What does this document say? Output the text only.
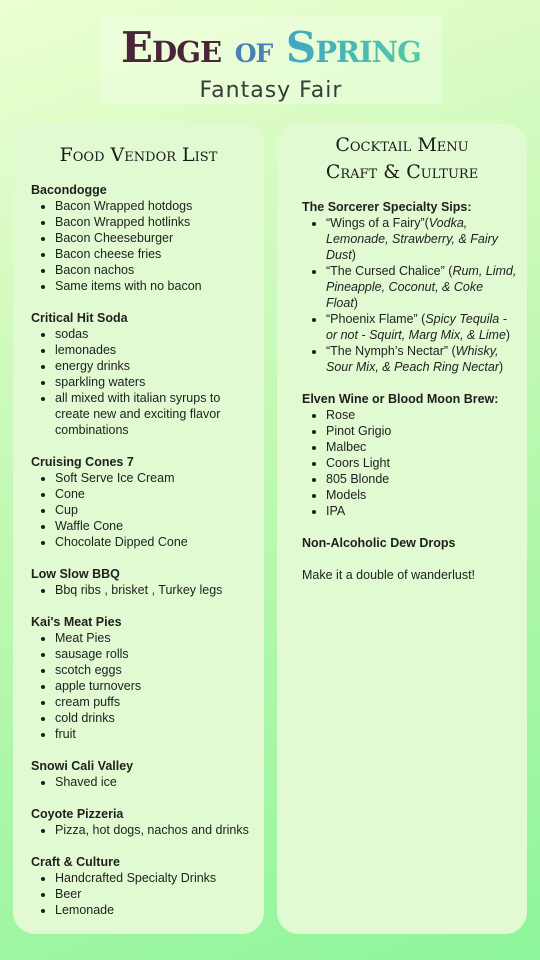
Edge of Spring
Fantasy Fair
Food Vendor List
Bacondogge
• Bacon Wrapped hotdogs
• Bacon Wrapped hotlinks
• Bacon Cheeseburger
• Bacon cheese fries
• Bacon nachos
• Same items with no bacon
Critical Hit Soda
• sodas
• lemonades
• energy drinks
• sparkling waters
• all mixed with italian syrups to create new and exciting flavor combinations
Cruising Cones 7
• Soft Serve Ice Cream
• Cone
• Cup
• Waffle Cone
• Chocolate Dipped Cone
Low Slow BBQ
• Bbq ribs , brisket , Turkey legs
Kai's Meat Pies
• Meat Pies
• sausage rolls
• scotch eggs
• apple turnovers
• cream puffs
• cold drinks
• fruit
Snowi Cali Valley
• Shaved ice
Coyote Pizzeria
• Pizza, hot dogs, nachos and drinks
Craft & Culture
• Handcrafted Specialty Drinks
• Beer
• Lemonade
Cocktail Menu
Craft & Culture
The Sorcerer Specialty Sips:
• “Wings of a Fairy”(Vodka, Lemonade, Strawberry, & Fairy Dust)
• “The Cursed Chalice” (Rum, Limd, Pineapple, Coconut, & Coke Float)
• “Phoenix Flame” (Spicy Tequila - or not - Squirt, Marg Mix, & Lime)
• “The Nymph’s Nectar” (Whisky, Sour Mix, & Peach Ring Nectar)
Elven Wine or Blood Moon Brew:
• Rose
• Pinot Grigio
• Malbec
• Coors Light
• 805 Blonde
• Models
• IPA
Non-Alcoholic Dew Drops
Make it a double of wanderlust!
